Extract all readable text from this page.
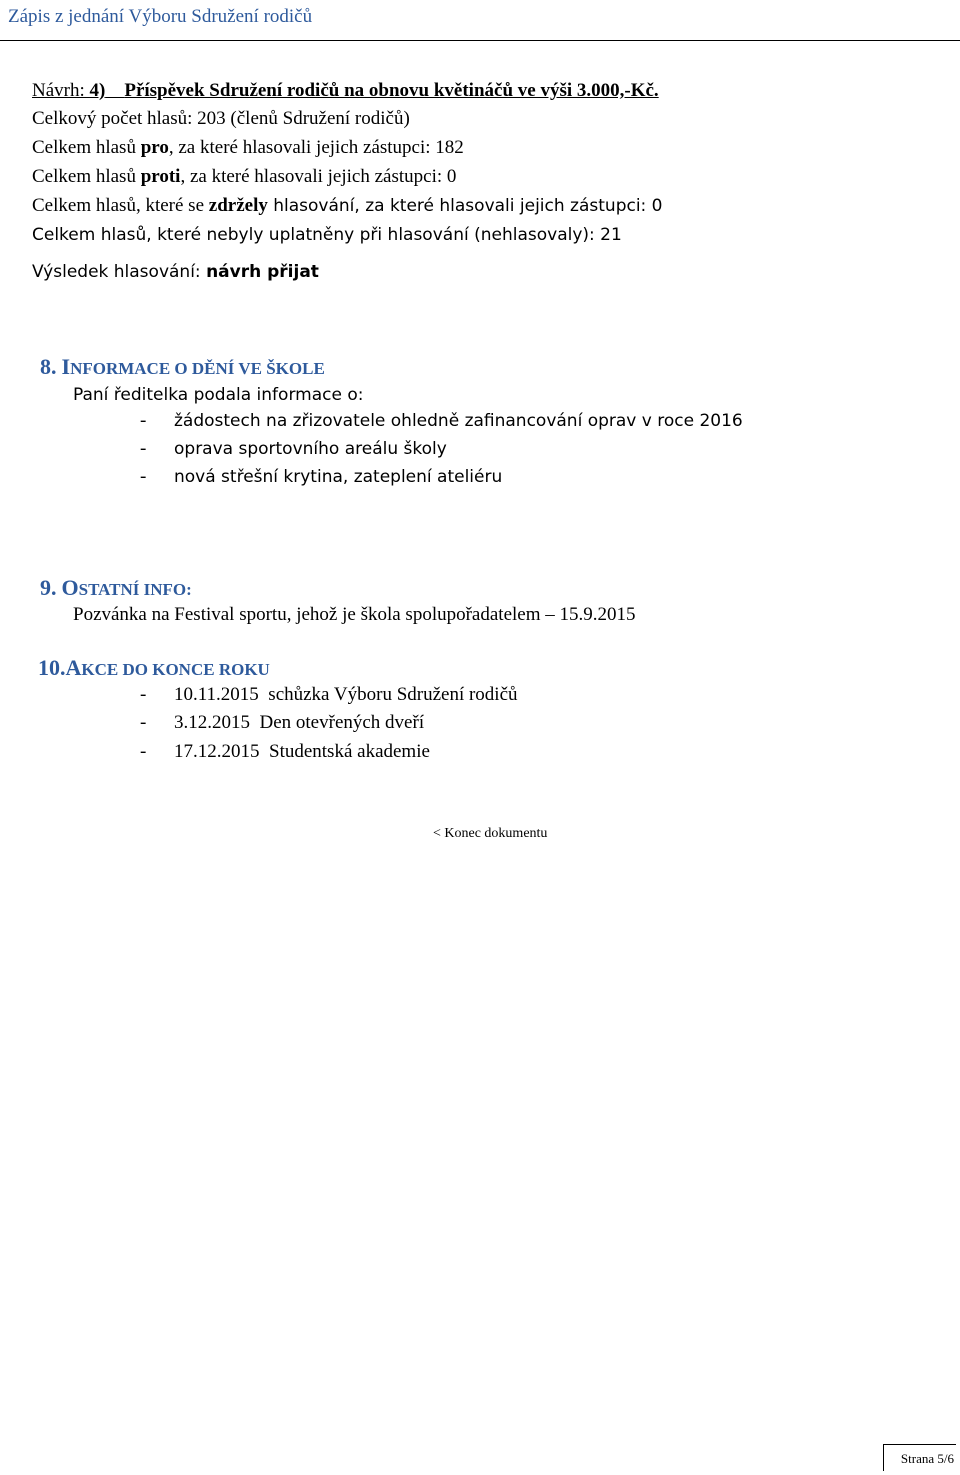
Zápis z jednání Výboru Sdružení rodičů
Návrh: 4) Příspěvek Sdružení rodičů na obnovu květináčů ve výši 3.000,-Kč.
Celkový počet hlasů: 203 (členů Sdružení rodičů)
Celkem hlasů pro, za které hlasovali jejich zástupci: 182
Celkem hlasů proti, za které hlasovali jejich zástupci: 0
Celkem hlasů, které se zdržely hlasování, za které hlasovali jejich zástupci: 0
Celkem hlasů, které nebyly uplatněny při hlasování (nehlasovaly): 21
Výsledek hlasování: návrh přijat
8. INFORMACE O DĚNÍ VE ŠKOLE
Paní ředitelka podala informace o:
- žádostech na zřizovatele ohledně zafinancování oprav v roce 2016
- oprava sportovního areálu školy
- nová střešní krytina, zateplení ateliéru
9. OSTATNÍ INFO:
Pozvánka na Festival sportu, jehož je škola spolupořadatelem – 15.9.2015
10.AKCE DO KONCE ROKU
- 10.11.2015 schůzka Výboru Sdružení rodičů
- 3.12.2015 Den otevřených dveří
- 17.12.2015 Studentská akademie
< Konec dokumentu
Strana 5/6
